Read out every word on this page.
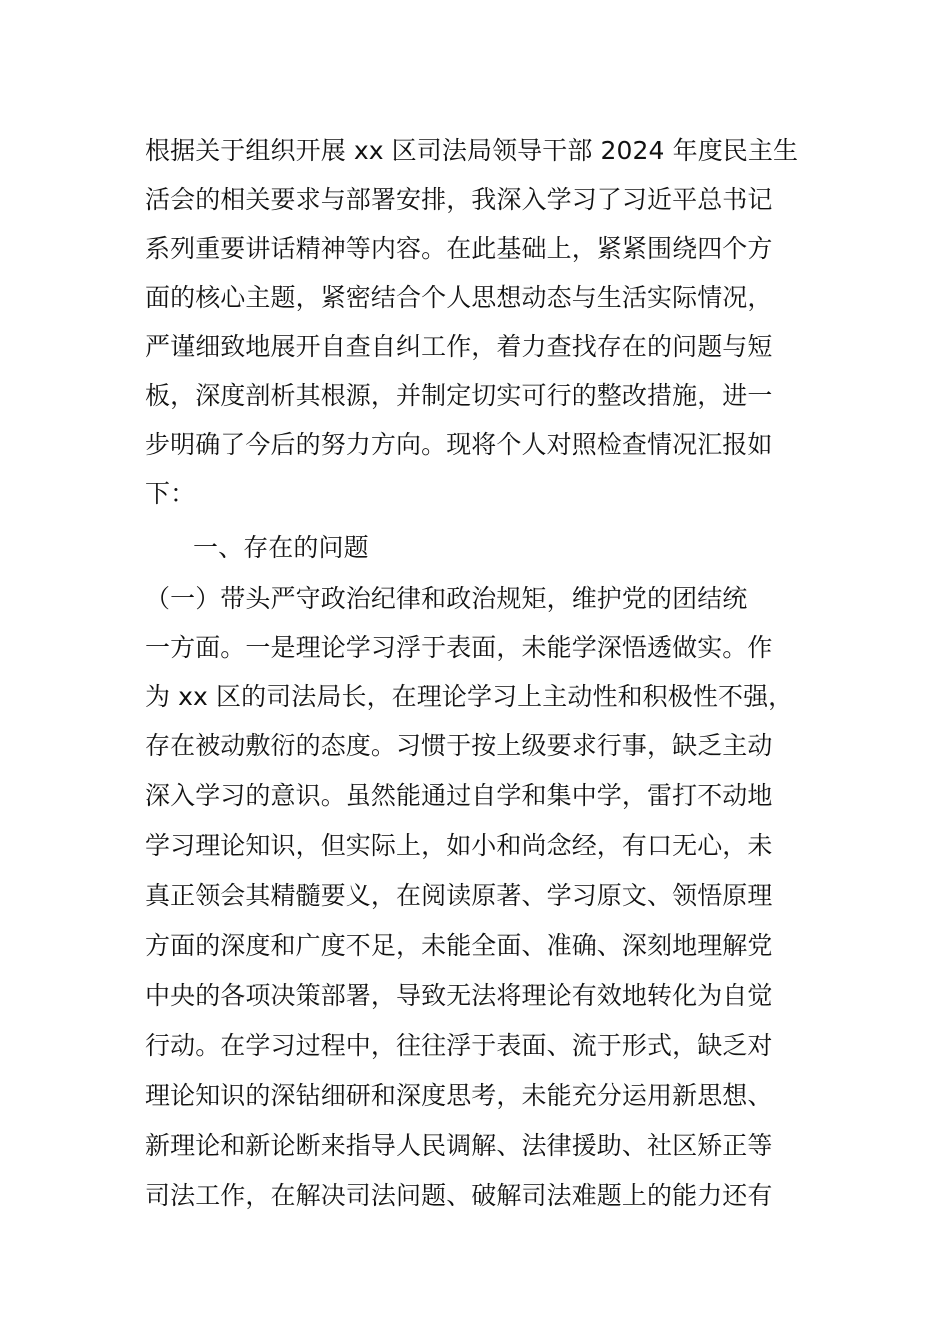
根据关于组织开展 xx 区司法局领导干部 2024 年度民主生
活会的相关要求与部署安排，我深入学习了习近平总书记
系列重要讲话精神等内容。在此基础上，紧紧围绕四个方
面的核心主题，紧密结合个人思想动态与生活实际情况，
严谨细致地展开自查自纠工作，着力查找存在的问题与短
板，深度剖析其根源，并制定切实可行的整改措施，进一
步明确了今后的努力方向。现将个人对照检查情况汇报如
下：
一、存在的问题
（一）带头严守政治纪律和政治规矩，维护党的团结统
一方面。一是理论学习浮于表面，未能学深悟透做实。作
为 xx 区的司法局长，在理论学习上主动性和积极性不强，
存在被动敷衍的态度。习惯于按上级要求行事，缺乏主动
深入学习的意识。虽然能通过自学和集中学，雷打不动地
学习理论知识，但实际上，如小和尚念经，有口无心，未
真正领会其精髓要义，在阅读原著、学习原文、领悟原理
方面的深度和广度不足，未能全面、准确、深刻地理解党
中央的各项决策部署，导致无法将理论有效地转化为自觉
行动。在学习过程中，往往浮于表面、流于形式，缺乏对
理论知识的深钻细研和深度思考，未能充分运用新思想、
新理论和新论断来指导人民调解、法律援助、社区矫正等
司法工作，在解决司法问题、破解司法难题上的能力还有
